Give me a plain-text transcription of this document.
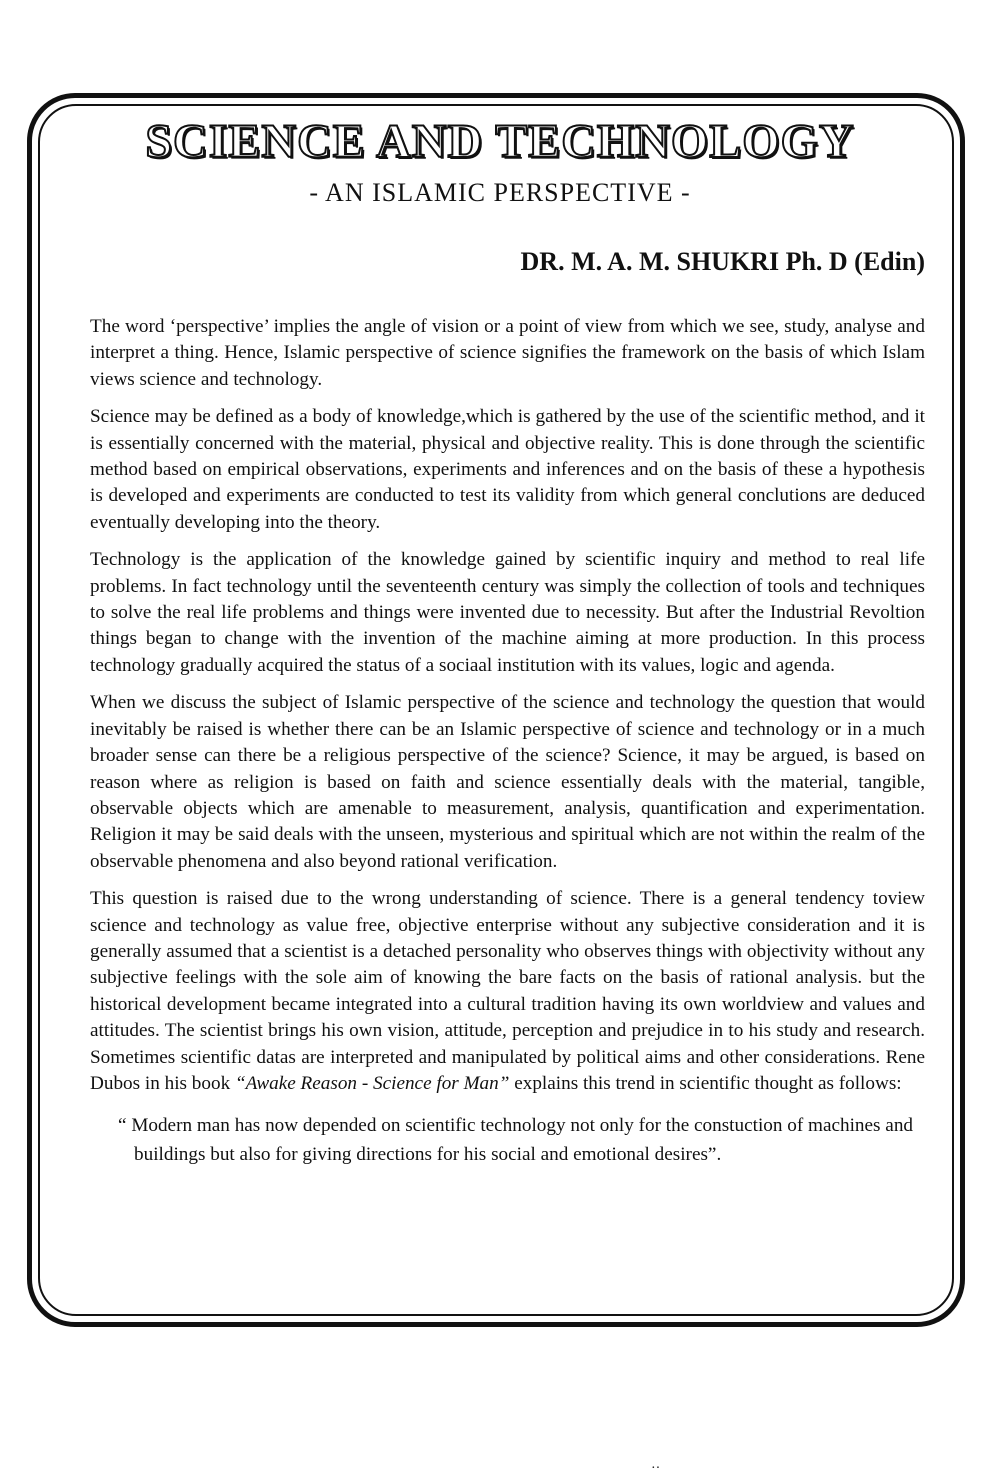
SCIENCE AND TECHNOLOGY

- AN ISLAMIC PERSPECTIVE -

DR. M. A. M. SHUKRI Ph. D (Edin)

The word ‘perspective’ implies the angle of vision or a point of view from which we see, study, analyse and interpret a thing. Hence, Islamic perspective of science signifies the framework on the basis of which Islam views science and technology.

Science may be defined as a body of knowledge,which is gathered by the use of the scientific method, and it is essentially concerned with the material, physical and objective reality. This is done through the scientific method based on empirical observations, experiments and inferences and on the basis of these a hypothesis is developed and experiments are conducted to test its validity from which general conclutions are deduced eventually developing into the theory.

Technology is the application of the knowledge gained by scientific inquiry and method to real life problems. In fact technology until the seventeenth century was simply the collection of tools and techniques to solve the real life problems and things were invented due to necessity. But after the Industrial Revoltion things began to change with the invention of the machine aiming at more production. In this process technology gradually acquired the status of a sociaal institution with its values, logic and agenda.

When we discuss the subject of Islamic perspective of the science and technology the question that would inevitably be raised is whether there can be an Islamic perspective of science and technology or in a much broader sense can there be a religious perspective of the science? Science, it may be argued, is based on reason where as religion is based on faith and science essentially deals with the material, tangible, observable objects which are amenable to measurement, analysis, quantification and experimentation. Religion it may be said deals with the unseen, mysterious and spiritual which are not within the realm of the observable phenomena and also beyond rational verification.

This question is raised due to the wrong understanding of science. There is a general tendency toview science and technology as value free, objective enterprise without any subjective consideration and it is generally assumed that a scientist is a detached personality who observes things with objectivity without any subjective feelings with the sole aim of knowing the bare facts on the basis of rational analysis. but the historical development became integrated into a cultural tradition having its own worldview and values and attitudes. The scientist brings his own vision, attitude, perception and prejudice in to his study and research. Sometimes scientific datas are interpreted and manipulated by political aims and other considerations. Rene Dubos in his book “Awake Reason - Science for Man” explains this trend in scientific thought as follows:

“ Modern man has now depended on scientific technology not only for the constuction of machines and buildings but also for giving directions for his social and emotional desires”.

··
